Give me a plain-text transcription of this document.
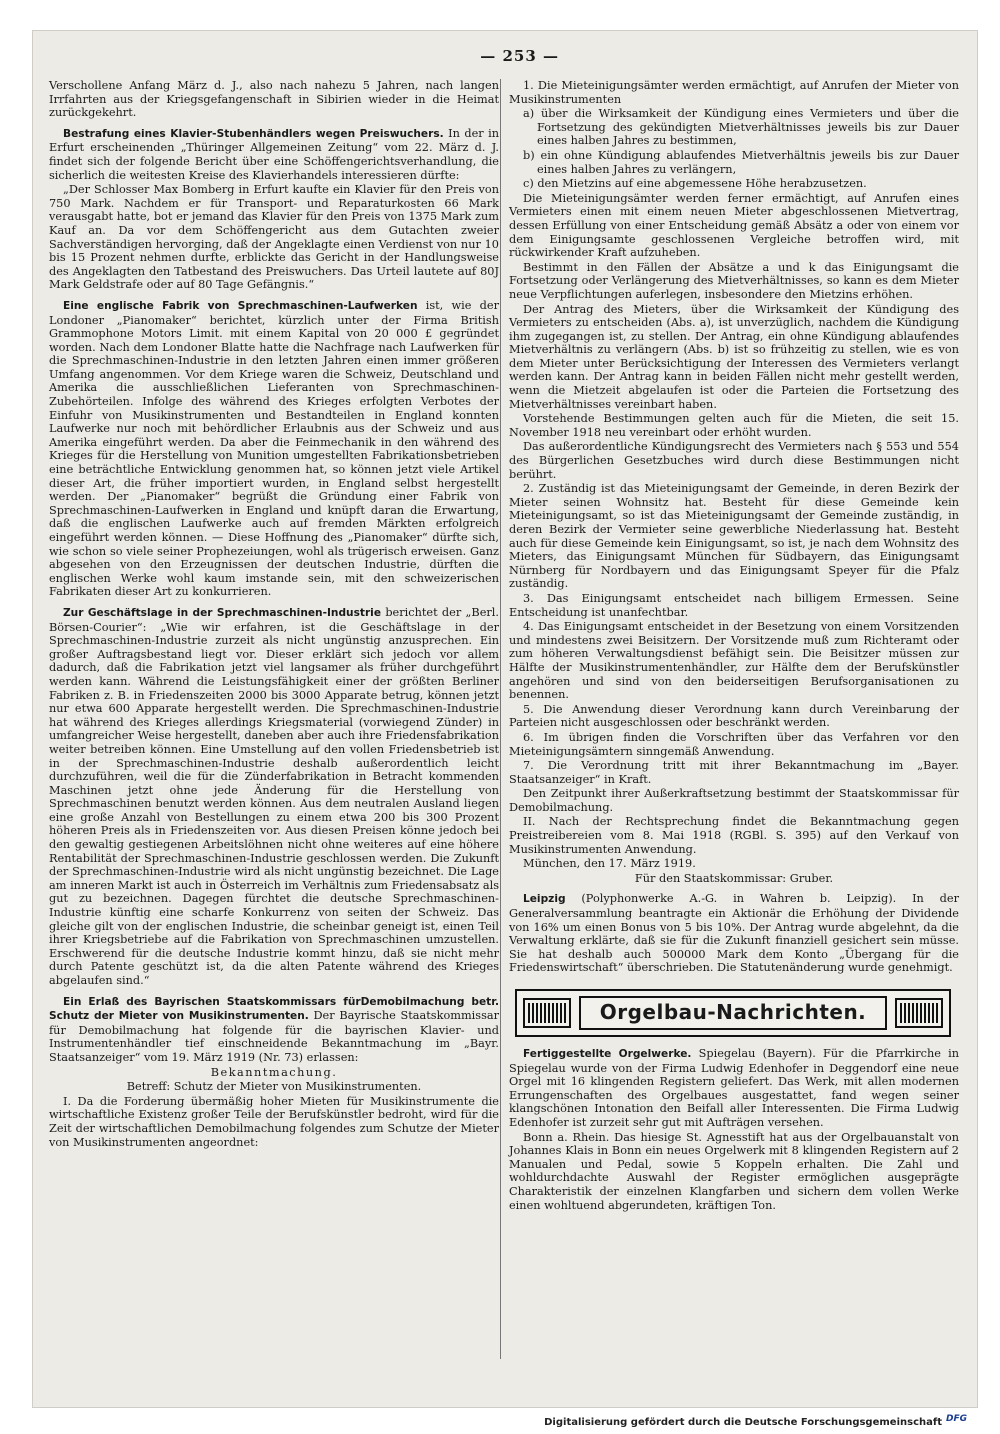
— 253 —

Verschollene Anfang März d. J., also nach nahezu 5 Jahren, nach langen Irrfahrten aus der Kriegsgefangenschaft in Sibirien wieder in die Heimat zurückgekehrt.

Bestrafung eines Klavier-Stubenhändlers wegen Preiswuchers. In der in Erfurt erscheinenden „Thüringer Allgemeinen Zeitung“ vom 22. März d. J. findet sich der folgende Bericht über eine Schöffengerichtsverhandlung, die sicherlich die weitesten Kreise des Klavierhandels interessieren dürfte:

„Der Schlosser Max Bomberg in Erfurt kaufte ein Klavier für den Preis von 750 Mark. Nachdem er für Transport- und Reparaturkosten 66 Mark verausgabt hatte, bot er jemand das Klavier für den Preis von 1375 Mark zum Kauf an. Da vor dem Schöffengericht aus dem Gutachten zweier Sachverständigen hervorging, daß der Angeklagte einen Verdienst von nur 10 bis 15 Prozent nehmen durfte, erblickte das Gericht in der Handlungsweise des Angeklagten den Tatbestand des Preiswuchers. Das Urteil lautete auf 80J Mark Geldstrafe oder auf 80 Tage Gefängnis.“

Eine englische Fabrik von Sprechmaschinen-Laufwerken ist, wie der Londoner „Pianomaker“ berichtet, kürzlich unter der Firma British Grammophone Motors Limit. mit einem Kapital von 20 000 £ gegründet worden. Nach dem Londoner Blatte hatte die Nachfrage nach Laufwerken für die Sprechmaschinen-Industrie in den letzten Jahren einen immer größeren Umfang angenommen. Vor dem Kriege waren die Schweiz, Deutschland und Amerika die ausschließlichen Lieferanten von Sprechmaschinen-Zubehörteilen. Infolge des während des Krieges erfolgten Verbotes der Einfuhr von Musikinstrumenten und Bestandteilen in England konnten Laufwerke nur noch mit behördlicher Erlaubnis aus der Schweiz und aus Amerika eingeführt werden. Da aber die Feinmechanik in den während des Krieges für die Herstellung von Munition umgestellten Fabrikationsbetrieben eine beträchtliche Entwicklung genommen hat, so können jetzt viele Artikel dieser Art, die früher importiert wurden, in England selbst hergestellt werden. Der „Pianomaker“ begrüßt die Gründung einer Fabrik von Sprechmaschinen-Laufwerken in England und knüpft daran die Erwartung, daß die englischen Laufwerke auch auf fremden Märkten erfolgreich eingeführt werden können. — Diese Hoffnung des „Pianomaker“ dürfte sich, wie schon so viele seiner Prophezeiungen, wohl als trügerisch erweisen. Ganz abgesehen von den Erzeugnissen der deutschen Industrie, dürften die englischen Werke wohl kaum imstande sein, mit den schweizerischen Fabrikaten dieser Art zu konkurrieren.

Zur Geschäftslage in der Sprechmaschinen-Industrie berichtet der „Berl. Börsen-Courier“: „Wie wir erfahren, ist die Geschäftslage in der Sprechmaschinen-Industrie zurzeit als nicht ungünstig anzusprechen. Ein großer Auftragsbestand liegt vor. Dieser erklärt sich jedoch vor allem dadurch, daß die Fabrikation jetzt viel langsamer als früher durchgeführt werden kann. Während die Leistungsfähigkeit einer der größten Berliner Fabriken z. B. in Friedenszeiten 2000 bis 3000 Apparate betrug, können jetzt nur etwa 600 Apparate hergestellt werden. Die Sprechmaschinen-Industrie hat während des Krieges allerdings Kriegsmaterial (vorwiegend Zünder) in umfangreicher Weise hergestellt, daneben aber auch ihre Friedensfabrikation weiter betreiben können. Eine Umstellung auf den vollen Friedensbetrieb ist in der Sprechmaschinen-Industrie deshalb außerordentlich leicht durchzuführen, weil die für die Zünderfabrikation in Betracht kommenden Maschinen jetzt ohne jede Änderung für die Herstellung von Sprechmaschinen benutzt werden können. Aus dem neutralen Ausland liegen eine große Anzahl von Bestellungen zu einem etwa 200 bis 300 Prozent höheren Preis als in Friedenszeiten vor. Aus diesen Preisen könne jedoch bei den gewaltig gestiegenen Arbeitslöhnen nicht ohne weiteres auf eine höhere Rentabilität der Sprechmaschinen-Industrie geschlossen werden. Die Zukunft der Sprechmaschinen-Industrie wird als nicht ungünstig bezeichnet. Die Lage am inneren Markt ist auch in Österreich im Verhältnis zum Friedensabsatz als gut zu bezeichnen. Dagegen fürchtet die deutsche Sprechmaschinen-Industrie künftig eine scharfe Konkurrenz von seiten der Schweiz. Das gleiche gilt von der englischen Industrie, die scheinbar geneigt ist, einen Teil ihrer Kriegsbetriebe auf die Fabrikation von Sprechmaschinen umzustellen. Erschwerend für die deutsche Industrie kommt hinzu, daß sie nicht mehr durch Patente geschützt ist, da die alten Patente während des Krieges abgelaufen sind.“

Ein Erlaß des Bayrischen Staatskommissars fürDemobilmachung betr. Schutz der Mieter von Musikinstrumenten. Der Bayrische Staatskommissar für Demobilmachung hat folgende für die bayrischen Klavier- und Instrumentenhändler tief einschneidende Bekanntmachung im „Bayr. Staatsanzeiger“ vom 19. März 1919 (Nr. 73) erlassen:

Bekanntmachung.

Betreff: Schutz der Mieter von Musikinstrumenten.

I. Da die Forderung übermäßig hoher Mieten für Musikinstrumente die wirtschaftliche Existenz großer Teile der Berufskünstler bedroht, wird für die Zeit der wirtschaftlichen Demobilmachung folgendes zum Schutze der Mieter von Musikinstrumenten angeordnet:

1. Die Mieteinigungsämter werden ermächtigt, auf Anrufen der Mieter von Musikinstrumenten

a) über die Wirksamkeit der Kündigung eines Vermieters und über die Fortsetzung des gekündigten Mietverhältnisses jeweils bis zur Dauer eines halben Jahres zu bestimmen,

b) ein ohne Kündigung ablaufendes Mietverhältnis jeweils bis zur Dauer eines halben Jahres zu verlängern,

c) den Mietzins auf eine abgemessene Höhe herabzusetzen.

Die Mieteinigungsämter werden ferner ermächtigt, auf Anrufen eines Vermieters einen mit einem neuen Mieter abgeschlossenen Mietvertrag, dessen Erfüllung von einer Entscheidung gemäß Absätz a oder von einem vor dem Einigungsamte geschlossenen Vergleiche betroffen wird, mit rückwirkender Kraft aufzuheben.

Bestimmt in den Fällen der Absätze a und k das Einigungsamt die Fortsetzung oder Verlängerung des Mietverhältnisses, so kann es dem Mieter neue Verpflichtungen auferlegen, insbesondere den Mietzins erhöhen.

Der Antrag des Mieters, über die Wirksamkeit der Kündigung des Vermieters zu entscheiden (Abs. a), ist unverzüglich, nachdem die Kündigung ihm zugegangen ist, zu stellen. Der Antrag, ein ohne Kündigung ablaufendes Mietverhältnis zu verlängern (Abs. b) ist so frühzeitig zu stellen, wie es von dem Mieter unter Berücksichtigung der Interessen des Vermieters verlangt werden kann. Der Antrag kann in beiden Fällen nicht mehr gestellt werden, wenn die Mietzeit abgelaufen ist oder die Parteien die Fortsetzung des Mietverhältnisses vereinbart haben.

Vorstehende Bestimmungen gelten auch für die Mieten, die seit 15. November 1918 neu vereinbart oder erhöht wurden.

Das außerordentliche Kündigungsrecht des Vermieters nach § 553 und 554 des Bürgerlichen Gesetzbuches wird durch diese Bestimmungen nicht berührt.

2. Zuständig ist das Mieteinigungsamt der Gemeinde, in deren Bezirk der Mieter seinen Wohnsitz hat. Besteht für diese Gemeinde kein Mieteinigungsamt, so ist das Mieteinigungsamt der Gemeinde zuständig, in deren Bezirk der Vermieter seine gewerbliche Niederlassung hat. Besteht auch für diese Gemeinde kein Einigungsamt, so ist, je nach dem Wohnsitz des Mieters, das Einigungsamt München für Südbayern, das Einigungsamt Nürnberg für Nordbayern und das Einigungsamt Speyer für die Pfalz zuständig.

3. Das Einigungsamt entscheidet nach billigem Ermessen. Seine Entscheidung ist unanfechtbar.

4. Das Einigungsamt entscheidet in der Besetzung von einem Vorsitzenden und mindestens zwei Beisitzern. Der Vorsitzende muß zum Richteramt oder zum höheren Verwaltungsdienst befähigt sein. Die Beisitzer müssen zur Hälfte der Musikinstrumentenhändler, zur Hälfte dem der Berufskünstler angehören und sind von den beiderseitigen Berufsorganisationen zu benennen.

5. Die Anwendung dieser Verordnung kann durch Vereinbarung der Parteien nicht ausgeschlossen oder beschränkt werden.

6. Im übrigen finden die Vorschriften über das Verfahren vor den Mieteinigungsämtern sinngemäß Anwendung.

7. Die Verordnung tritt mit ihrer Bekanntmachung im „Bayer. Staatsanzeiger“ in Kraft.

Den Zeitpunkt ihrer Außerkraftsetzung bestimmt der Staatskommissar für Demobilmachung.

II. Nach der Rechtsprechung findet die Bekanntmachung gegen Preistreibereien vom 8. Mai 1918 (RGBl. S. 395) auf den Verkauf von Musikinstrumenten Anwendung.

München, den 17. März 1919.

Für den Staatskommissar: Gruber.

Leipzig (Polyphonwerke A.-G. in Wahren b. Leipzig). In der Generalversammlung beantragte ein Aktionär die Erhöhung der Dividende von 16% um einen Bonus von 5 bis 10%. Der Antrag wurde abgelehnt, da die Verwaltung erklärte, daß sie für die Zukunft finanziell gesichert sein müsse. Sie hat deshalb auch 500000 Mark dem Konto „Übergang für die Friedenswirtschaft“ überschrieben. Die Statutenänderung wurde genehmigt.

Orgelbau-Nachrichten.

Fertiggestellte Orgelwerke. Spiegelau (Bayern). Für die Pfarrkirche in Spiegelau wurde von der Firma Ludwig Edenhofer in Deggendorf eine neue Orgel mit 16 klingenden Registern geliefert. Das Werk, mit allen modernen Errungenschaften des Orgelbaues ausgestattet, fand wegen seiner klangschönen Intonation den Beifall aller Interessenten. Die Firma Ludwig Edenhofer ist zurzeit sehr gut mit Aufträgen versehen.

Bonn a. Rhein. Das hiesige St. Agnesstift hat aus der Orgelbauanstalt von Johannes Klais in Bonn ein neues Orgelwerk mit 8 klingenden Registern auf 2 Manualen und Pedal, sowie 5 Koppeln erhalten. Die Zahl und wohldurchdachte Auswahl der Register ermöglichen ausgeprägte Charakteristik der einzelnen Klangfarben und sichern dem vollen Werke einen wohltuend abgerundeten, kräftigen Ton.

Digitalisierung gefördert durch die Deutsche Forschungsgemeinschaft DFG
